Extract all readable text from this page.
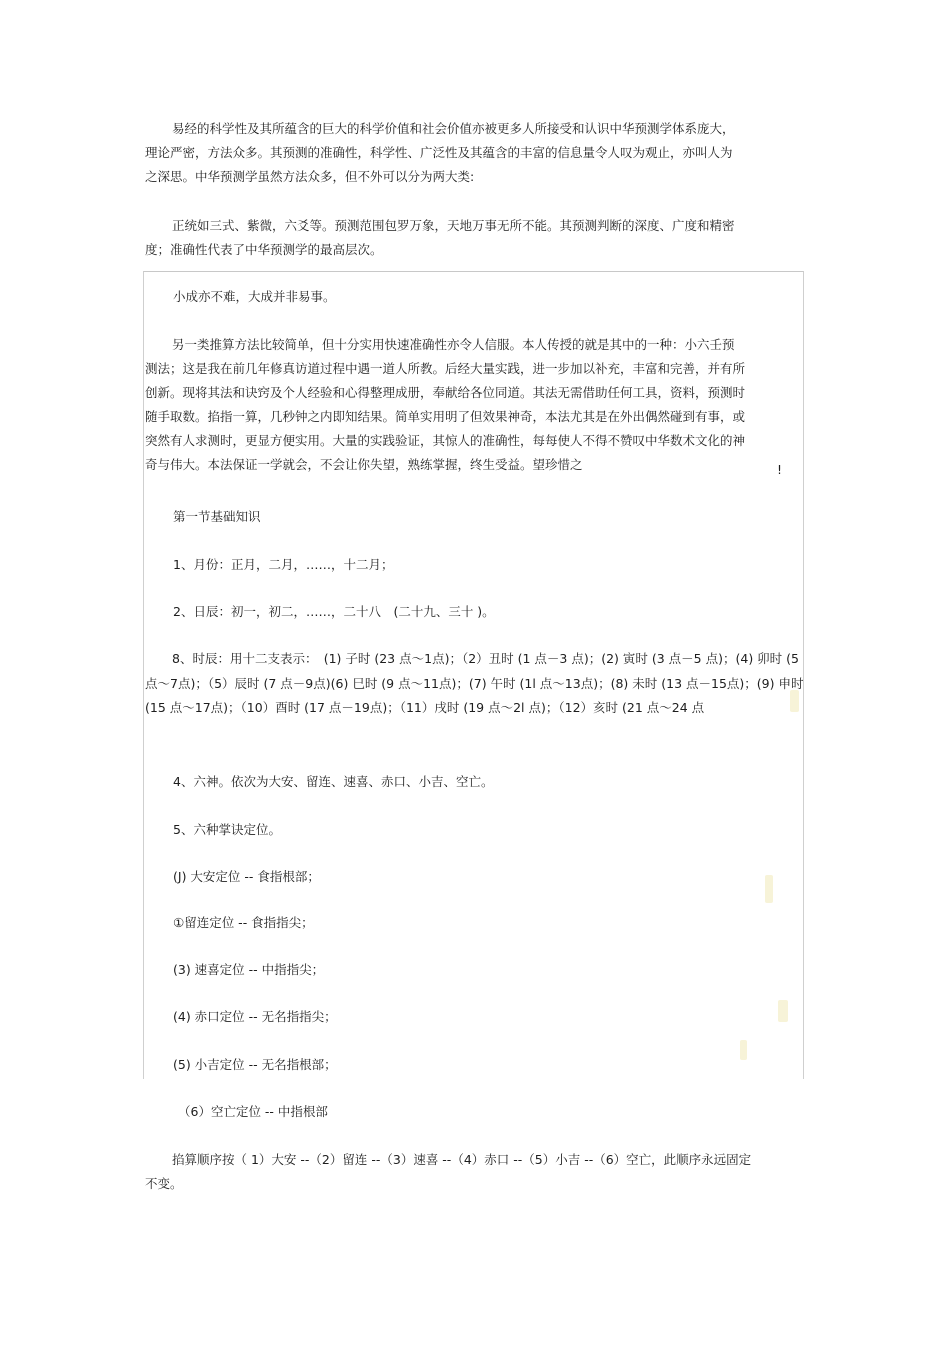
易经的科学性及其所蕴含的巨大的科学价值和社会价值亦被更多人所接受和认识中华预测学体系庞大，理论严密，方法众多。其预测的准确性，科学性、广泛性及其蕴含的丰富的信息量令人叹为观止，亦叫人为之深思。中华预测学虽然方法众多，但不外可以分为两大类:

正统如三式、紫微，六爻等。预测范围包罗万象，天地万事无所不能。其预测判断的深度、广度和精密度；准确性代表了中华预测学的最高层次。

小成亦不难，大成并非易事。

另一类推算方法比较简单，但十分实用快速准确性亦令人信服。本人传授的就是其中的一种：小六壬预测法；这是我在前几年修真访道过程中遇一道人所教。后经大量实践，进一步加以补充，丰富和完善，并有所创新。现将其法和诀窍及个人经验和心得整理成册，奉献给各位同道。其法无需借助任何工具，资料，预测时随手取数。掐指一算，几秒钟之内即知结果。简单实用明了但效果神奇，本法尤其是在外出偶然碰到有事，或突然有人求测时，更显方便实用。大量的实践验证，其惊人的准确性，每每使人不得不赞叹中华数术文化的神奇与伟大。本法保证一学就会，不会让你失望，熟练掌握，终生受益。望珍惜之	!

第一节基础知识

1、月份：正月，二月，……，十二月；

2、日辰：初一，初二，……，二十八　(二十九、三十 )。

8、时辰：用十二支表示：　(1) 子时 (23 点～1点)；（2）丑时 (1 点－3 点)；(2) 寅时 (3 点－5 点)；(4) 卯时 (5 点～7点)；（5）辰时 (7 点－9点)(6) 巳时 (9 点～11点)；(7) 午时 (1l 点～13点)；(8) 未时 (13 点－15点)；(9) 申时 (15 点～17点)；（10）酉时 (17 点－19点)；（11）戌时 (19 点～2l 点)；（12）亥时 (21 点～24 点

4、六神。依次为大安、留连、速喜、赤口、小吉、空亡。

5、六种掌诀定位。

(J) 大安定位 -- 食指根部；

①留连定位 -- 食指指尖；

(3) 速喜定位 -- 中指指尖；

(4) 赤口定位 -- 无名指指尖；

(5) 小吉定位 -- 无名指根部；

（6）空亡定位 -- 中指根部

掐算顺序按（ 1）大安 --（2）留连 --（3）速喜 --（4）赤口 --（5）小吉 --（6）空亡，此顺序永远固定不变。
